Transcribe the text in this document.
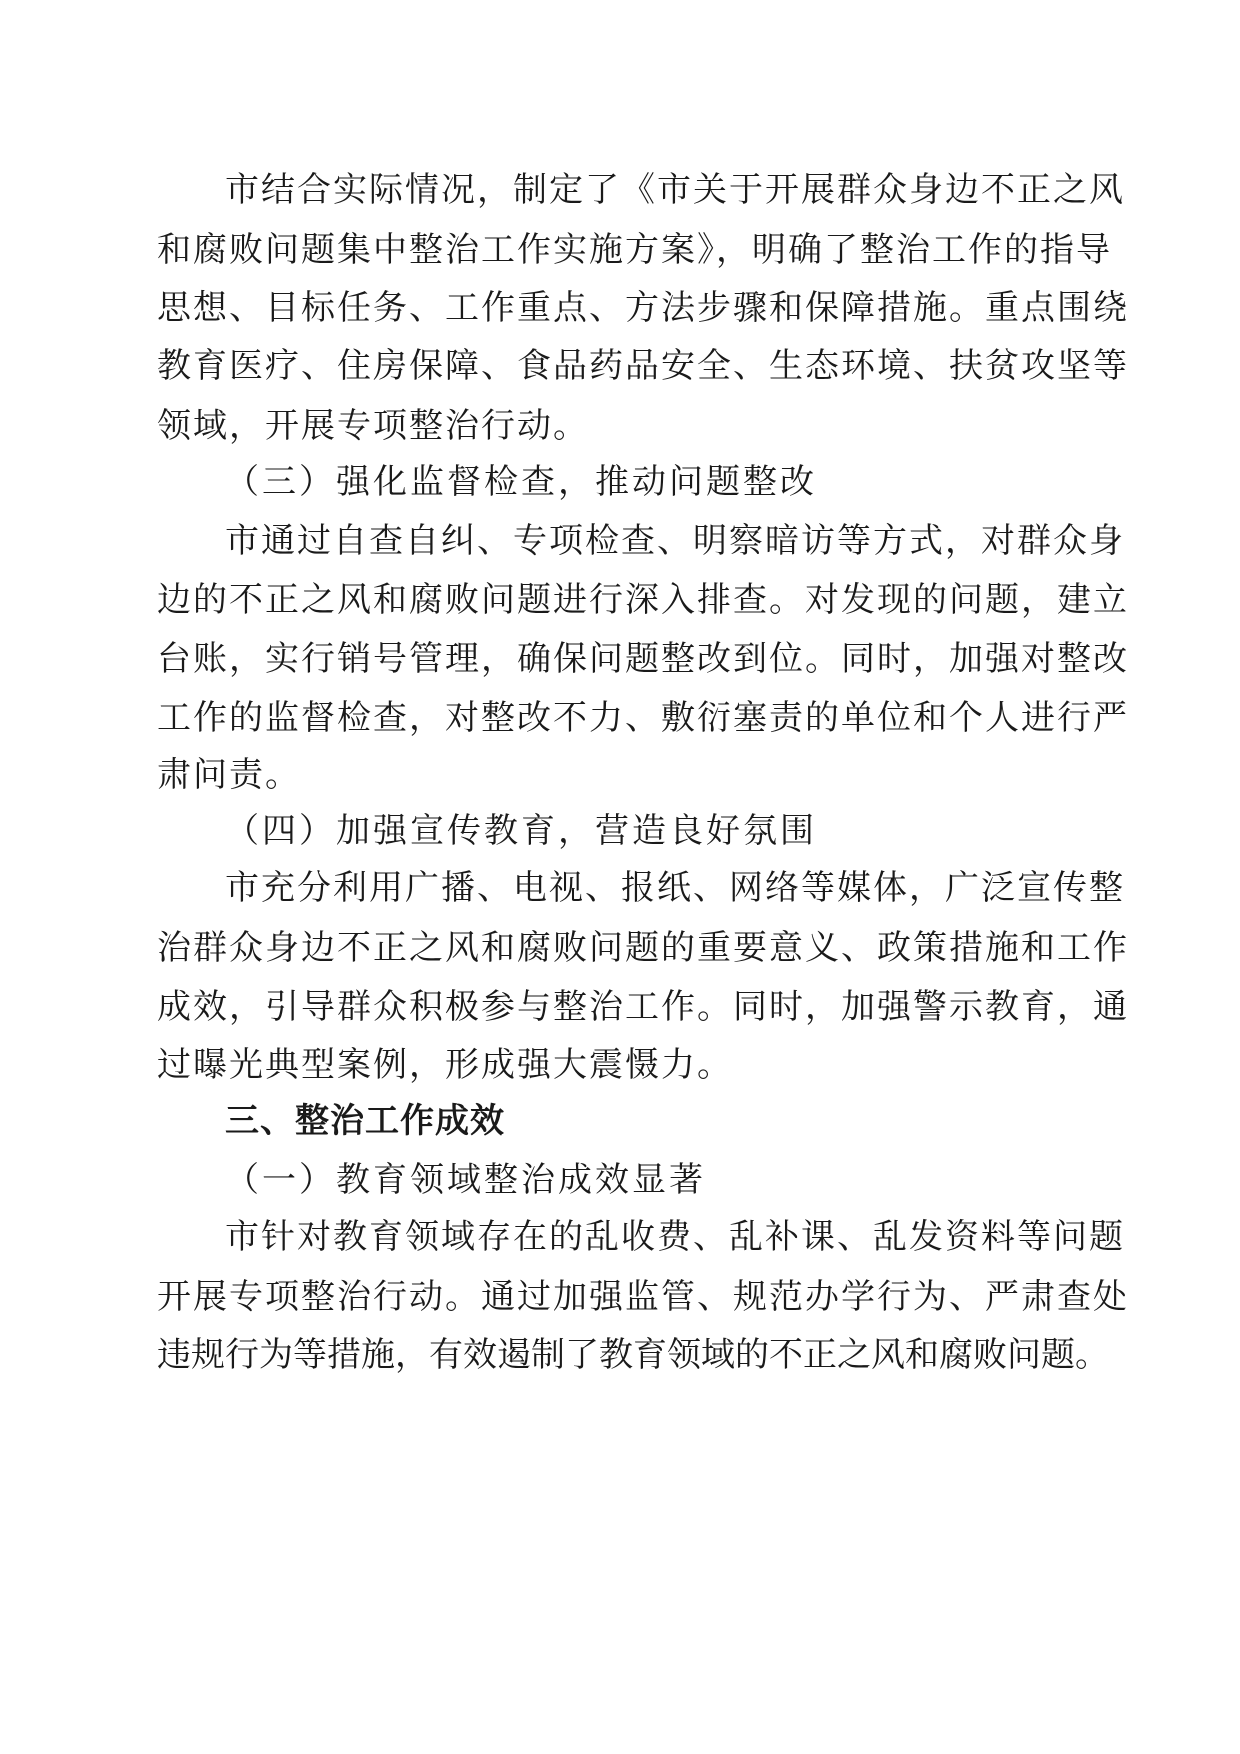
市结合实际情况，制定了《市关于开展群众身边不正之风
和腐败问题集中整治工作实施方案》，明确了整治工作的指导
思想、目标任务、工作重点、方法步骤和保障措施。重点围绕
教育医疗、住房保障、食品药品安全、生态环境、扶贫攻坚等
领域，开展专项整治行动。
（三）强化监督检查，推动问题整改
市通过自查自纠、专项检查、明察暗访等方式，对群众身
边的不正之风和腐败问题进行深入排查。对发现的问题，建立
台账，实行销号管理，确保问题整改到位。同时，加强对整改
工作的监督检查，对整改不力、敷衍塞责的单位和个人进行严
肃问责。
（四）加强宣传教育，营造良好氛围
市充分利用广播、电视、报纸、网络等媒体，广泛宣传整
治群众身边不正之风和腐败问题的重要意义、政策措施和工作
成效，引导群众积极参与整治工作。同时，加强警示教育，通
过曝光典型案例，形成强大震慑力。
三、整治工作成效
（一）教育领域整治成效显著
市针对教育领域存在的乱收费、乱补课、乱发资料等问题
开展专项整治行动。通过加强监管、规范办学行为、严肃查处
违规行为等措施，有效遏制了教育领域的不正之风和腐败问题。
